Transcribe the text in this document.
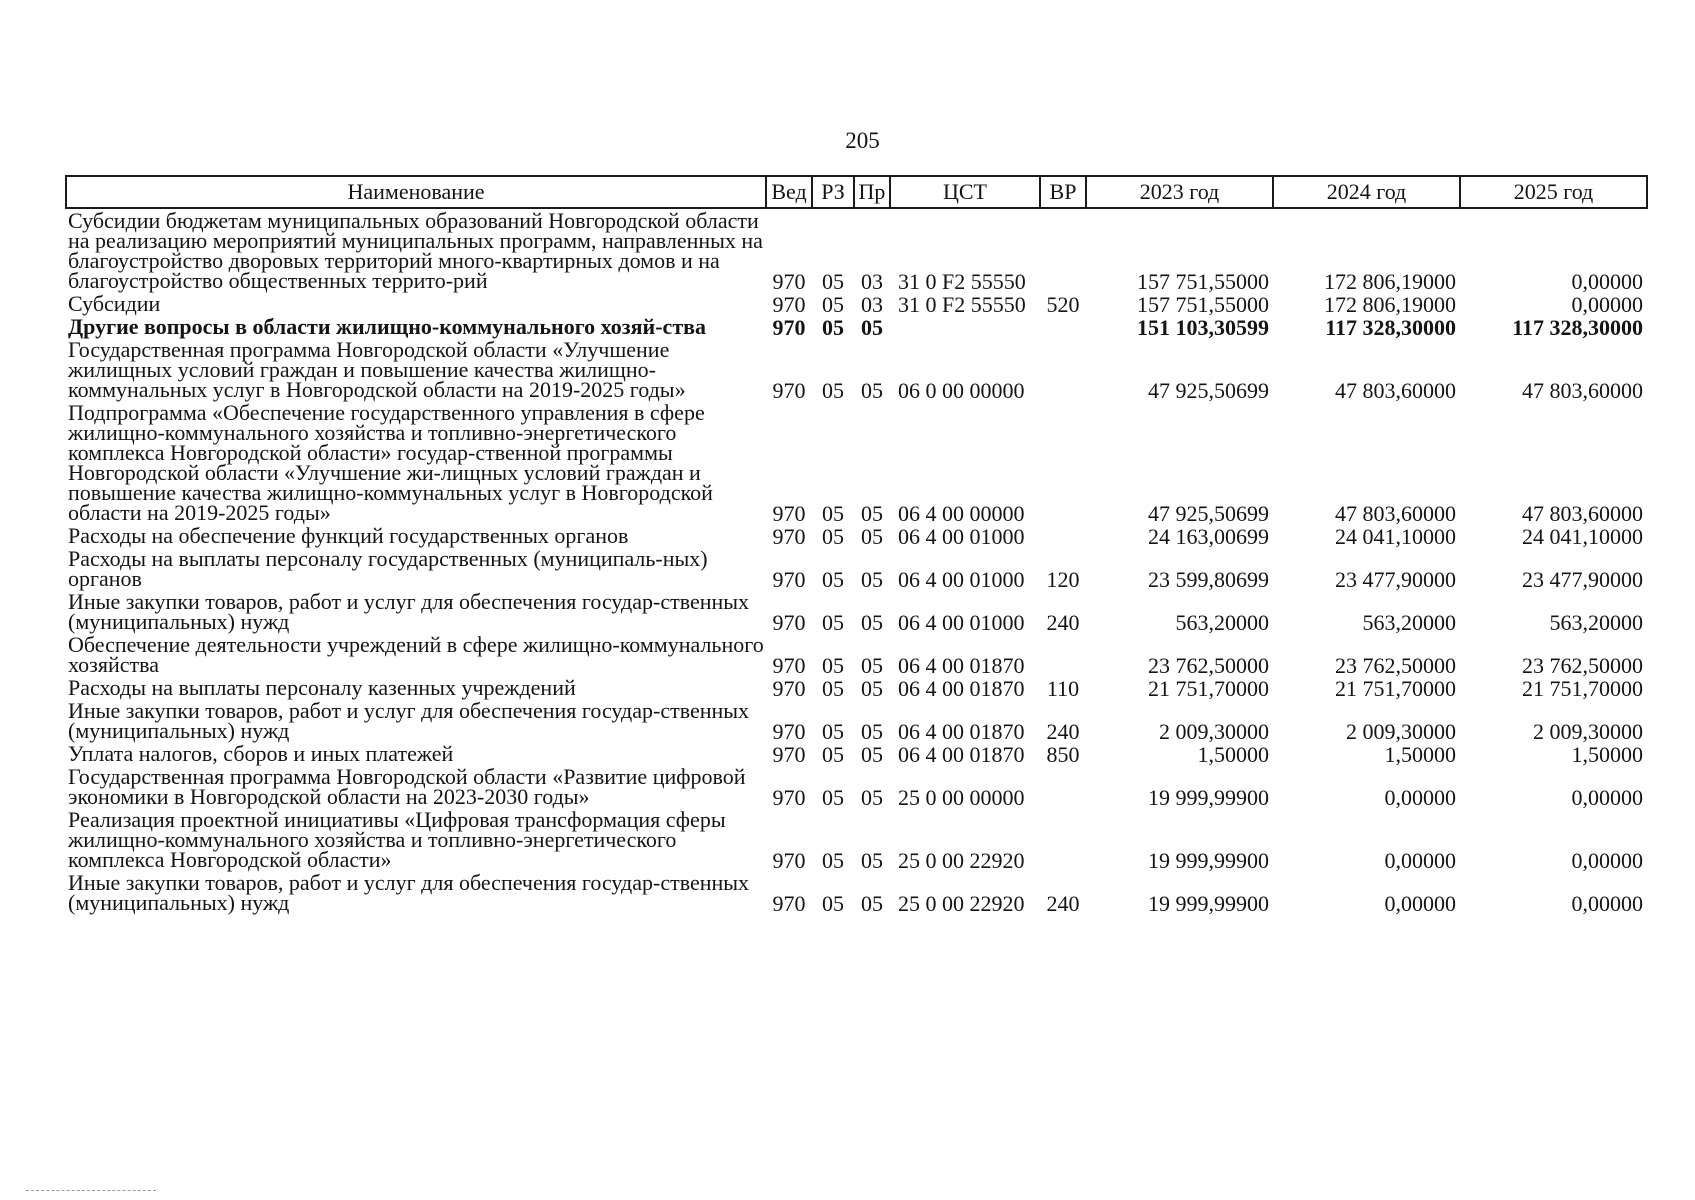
205
Наименование	Вед	РЗ	Пр	ЦСТ	ВР	2023 год	2024 год	2025 год
Субсидии бюджетам муниципальных образований Новгородской области на реализацию мероприятий муниципальных программ, направленных на благоустройство дворовых территорий много-квартирных домов и на благоустройство общественных террито-рий	970	05	03	31 0 F2 55550		157 751,55000	172 806,19000	0,00000
Субсидии	970	05	03	31 0 F2 55550	520	157 751,55000	172 806,19000	0,00000
Другие вопросы в области жилищно-коммунального хозяй-ства	970	05	05			151 103,30599	117 328,30000	117 328,30000
Государственная программа Новгородской области «Улучшение жилищных условий граждан и повышение качества жилищно-коммунальных услуг в Новгородской области на 2019-2025 годы»	970	05	05	06 0 00 00000		47 925,50699	47 803,60000	47 803,60000
Подпрограмма «Обеспечение государственного управления в сфере жилищно-коммунального хозяйства и топливно-энергетического комплекса Новгородской области» государ-ственной программы Новгородской области «Улучшение жи-лищных условий граждан и повышение качества жилищно-коммунальных услуг в Новгородской области на 2019-2025 годы»	970	05	05	06 4 00 00000		47 925,50699	47 803,60000	47 803,60000
Расходы на обеспечение функций государственных органов	970	05	05	06 4 00 01000		24 163,00699	24 041,10000	24 041,10000
Расходы на выплаты персоналу государственных (муниципаль-ных) органов	970	05	05	06 4 00 01000	120	23 599,80699	23 477,90000	23 477,90000
Иные закупки товаров, работ и услуг для обеспечения государ-ственных (муниципальных) нужд	970	05	05	06 4 00 01000	240	563,20000	563,20000	563,20000
Обеспечение деятельности учреждений в сфере жилищно-коммунального хозяйства	970	05	05	06 4 00 01870		23 762,50000	23 762,50000	23 762,50000
Расходы на выплаты персоналу казенных учреждений	970	05	05	06 4 00 01870	110	21 751,70000	21 751,70000	21 751,70000
Иные закупки товаров, работ и услуг для обеспечения государ-ственных (муниципальных) нужд	970	05	05	06 4 00 01870	240	2 009,30000	2 009,30000	2 009,30000
Уплата налогов, сборов и иных платежей	970	05	05	06 4 00 01870	850	1,50000	1,50000	1,50000
Государственная программа Новгородской области «Развитие цифровой экономики в Новгородской области на 2023-2030 годы»	970	05	05	25 0 00 00000		19 999,99900	0,00000	0,00000
Реализация проектной инициативы «Цифровая трансформация сферы жилищно-коммунального хозяйства и топливно-энергетического комплекса Новгородской области»	970	05	05	25 0 00 22920		19 999,99900	0,00000	0,00000
Иные закупки товаров, работ и услуг для обеспечения государ-ственных (муниципальных) нужд	970	05	05	25 0 00 22920	240	19 999,99900	0,00000	0,00000
